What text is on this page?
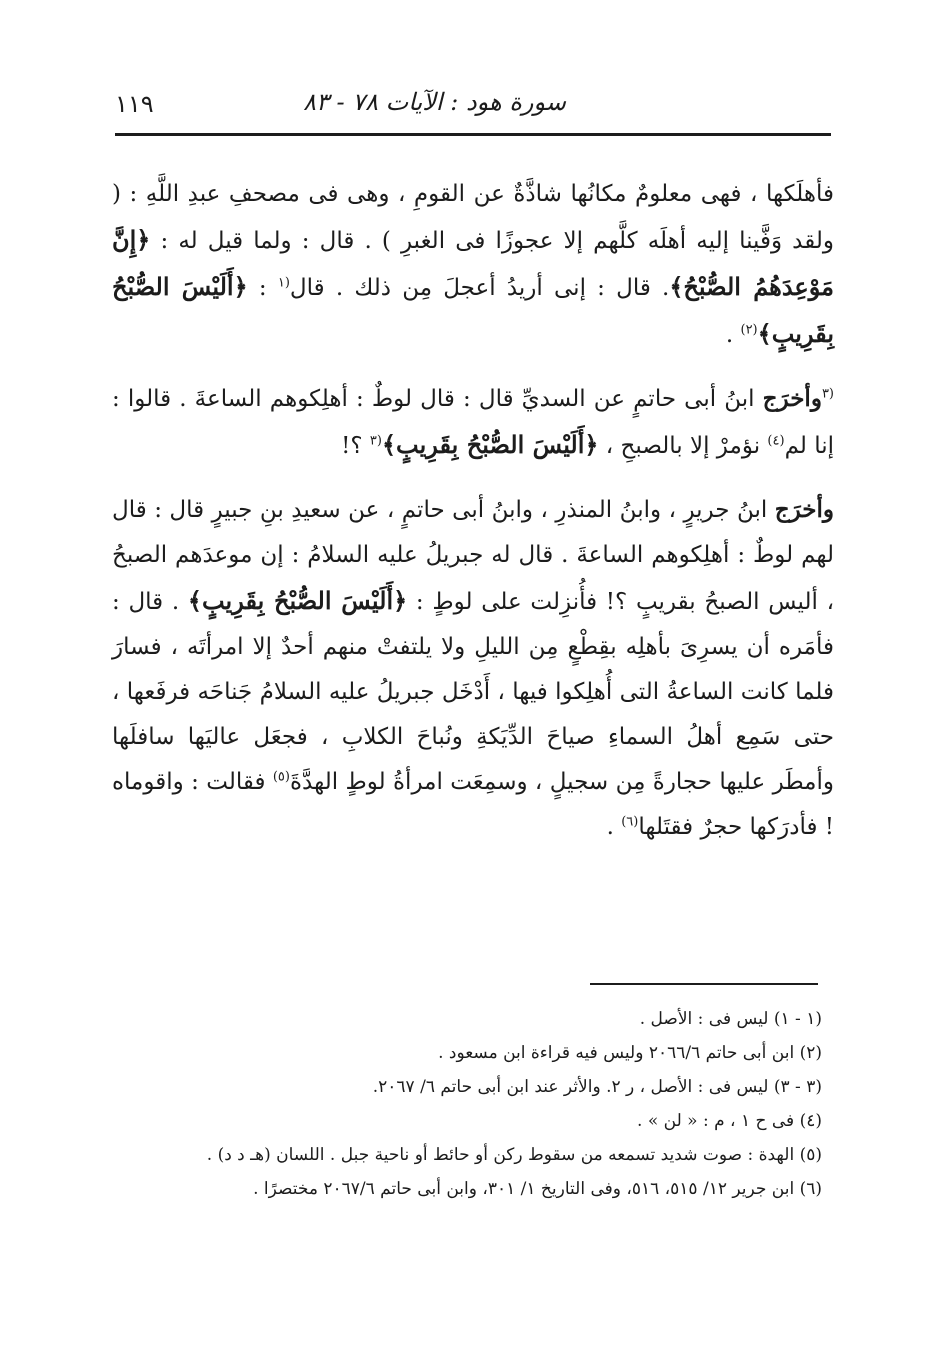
سورة هود : الآيات ٧٨ - ٨٣
١١٩

فأهلَكها ، فهى معلومٌ مكانُها شاذَّةٌ عن القومِ ، وهى فى مصحفِ عبدِ اللَّهِ : ( ولقد وَفَّينا إليه أهلَه كلَّهم إلا عجوزًا فى الغبرِ ) . قال : ولما قيل له : ﴿إِنَّ مَوْعِدَهُمُ الصُّبْحُ﴾. قال : إنى أريدُ أعجلَ مِن ذلك . قال$^{(١}$ : ﴿أَلَيْسَ الصُّبْحُ بِقَرِيبٍ﴾$^{(٢)}$ .

$^{(٣}$وأخرَج ابنُ أبى حاتمٍ عن السديِّ قال : قال لوطٌ : أهلِكوهم الساعةَ . قالوا : إنا لم$^{(٤)}$ نؤمرْ إلا بالصبحِ ، ﴿أَلَيْسَ الصُّبْحُ بِقَرِيبٍ﴾$^{(٣}$ ؟!

وأخرَج ابنُ جريرٍ ، وابنُ المنذرِ ، وابنُ أبى حاتمٍ ، عن سعيدِ بنِ جبيرٍ قال : قال لهم لوطٌ : أهلِكوهم الساعةَ . قال له جبريلُ عليه السلامُ : إن موعدَهم الصبحُ ، أليس الصبحُ بقريبٍ ؟! فأُنزِلت على لوطٍ : ﴿أَلَيْسَ الصُّبْحُ بِقَرِيبٍ﴾ . قال : فأمَره أن يسرِىَ بأهلِه بقِطْعٍ مِن الليلِ ولا يلتفتْ منهم أحدٌ إلا امرأتَه ، فسارَ فلما كانت الساعةُ التى أُهلِكوا فيها ، أَدْخَل جبريلُ عليه السلامُ جَناحَه فرفَعها ، حتى سَمِع أهلُ السماءِ صياحَ الدِّيَكةِ ونُباحَ الكلابِ ، فجعَل عاليَها سافلَها وأمطَر عليها حجارةً مِن سجيلٍ ، وسمِعَت امرأةُ لوطٍ الهدَّةَ$^{(٥)}$ فقالت : واقوماه ! فأدرَكها حجرٌ فقتَلها$^{(٦)}$ .

(١ - ١) ليس فى : الأصل .
(٢) ابن أبى حاتم ٢٠٦٦/٦ وليس فيه قراءة ابن مسعود .
(٣ - ٣) ليس فى : الأصل ، ر ٢. والأثر عند ابن أبى حاتم ٦/ ٢٠٦٧.
(٤) فى ح ١ ، م : « لن » .
(٥) الهدة : صوت شديد تسمعه من سقوط ركن أو حائط أو ناحية جبل . اللسان (هـ د د) .
(٦) ابن جرير ١٢/ ٥١٥، ٥١٦، وفى التاريخ ١/ ٣٠١، وابن أبى حاتم ٢٠٦٧/٦ مختصرًا .
